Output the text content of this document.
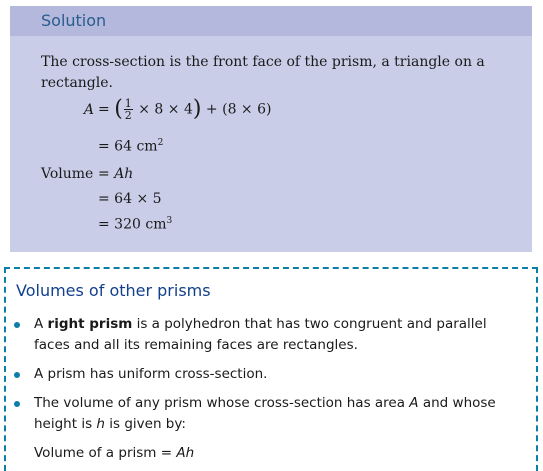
Solution
The cross-section is the front face of the prism, a triangle on a rectangle.
A = ( $\frac{1}{2} \times 8 \times 4) + (8 \times 6)$
= 64 $cm^2$
Volume = Ah
= 64 × 5
= 320 $cm^3$
Volumes of other prisms
A right prism is a polyhedron that has two congruent and parallel faces and all its remaining faces are rectangles.
A prism has uniform cross-section.
The volume of any prism whose cross-section has area A and whose height is h is given by:
Volume of a prism = Ah
